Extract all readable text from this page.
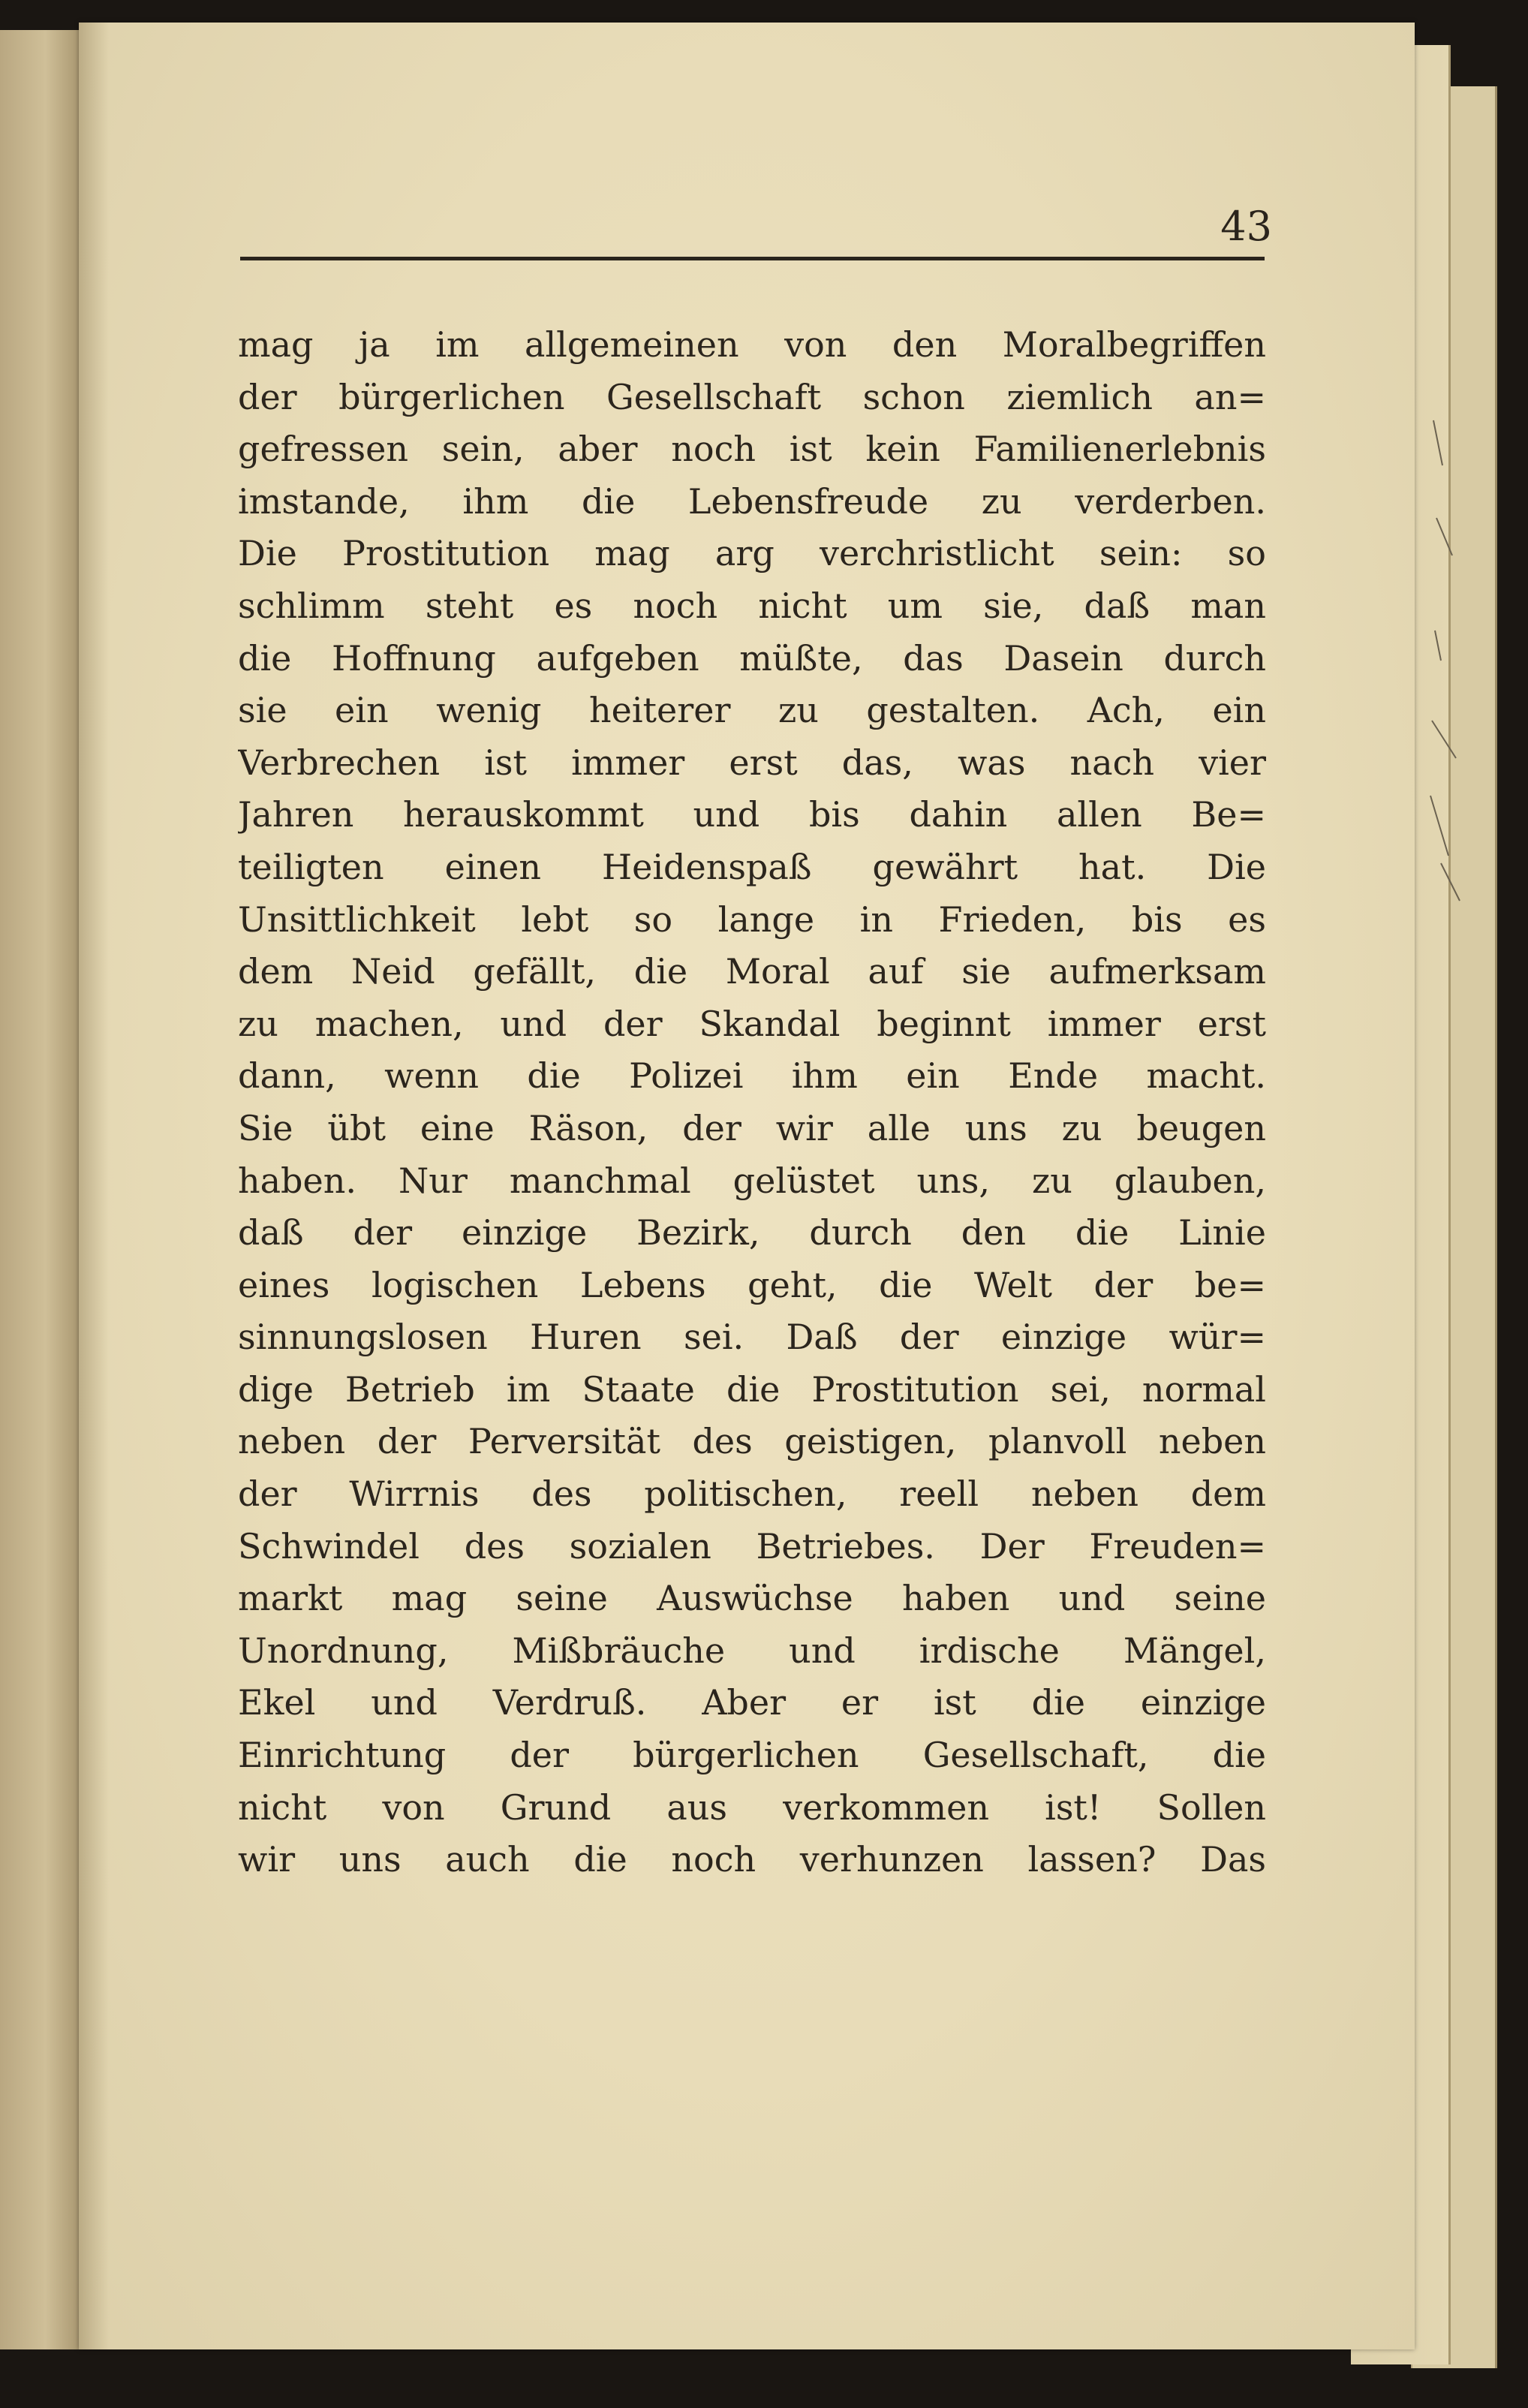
43
mag ja im allgemeinen von den Moralbegriffen
der bürgerlichen Gesellschaft schon ziemlich an=
gefressen sein, aber noch ist kein Familienerlebnis
imstande, ihm die Lebensfreude zu verderben.
Die Prostitution mag arg verchristlicht sein: so
schlimm steht es noch nicht um sie, daß man
die Hoffnung aufgeben müßte, das Dasein durch
sie ein wenig heiterer zu gestalten. Ach, ein
Verbrechen ist immer erst das, was nach vier
Jahren herauskommt und bis dahin allen Be=
teiligten einen Heidenspaß gewährt hat. Die
Unsittlichkeit lebt so lange in Frieden, bis es
dem Neid gefällt, die Moral auf sie aufmerksam
zu machen, und der Skandal beginnt immer erst
dann, wenn die Polizei ihm ein Ende macht.
Sie übt eine Räson, der wir alle uns zu beugen
haben. Nur manchmal gelüstet uns, zu glauben,
daß der einzige Bezirk, durch den die Linie
eines logischen Lebens geht, die Welt der be=
sinnungslosen Huren sei. Daß der einzige wür=
dige Betrieb im Staate die Prostitution sei, normal
neben der Perversität des geistigen, planvoll neben
der Wirrnis des politischen, reell neben dem
Schwindel des sozialen Betriebes. Der Freuden=
markt mag seine Auswüchse haben und seine
Unordnung, Mißbräuche und irdische Mängel,
Ekel und Verdruß. Aber er ist die einzige
Einrichtung der bürgerlichen Gesellschaft, die
nicht von Grund aus verkommen ist! Sollen
wir uns auch die noch verhunzen lassen? Das
